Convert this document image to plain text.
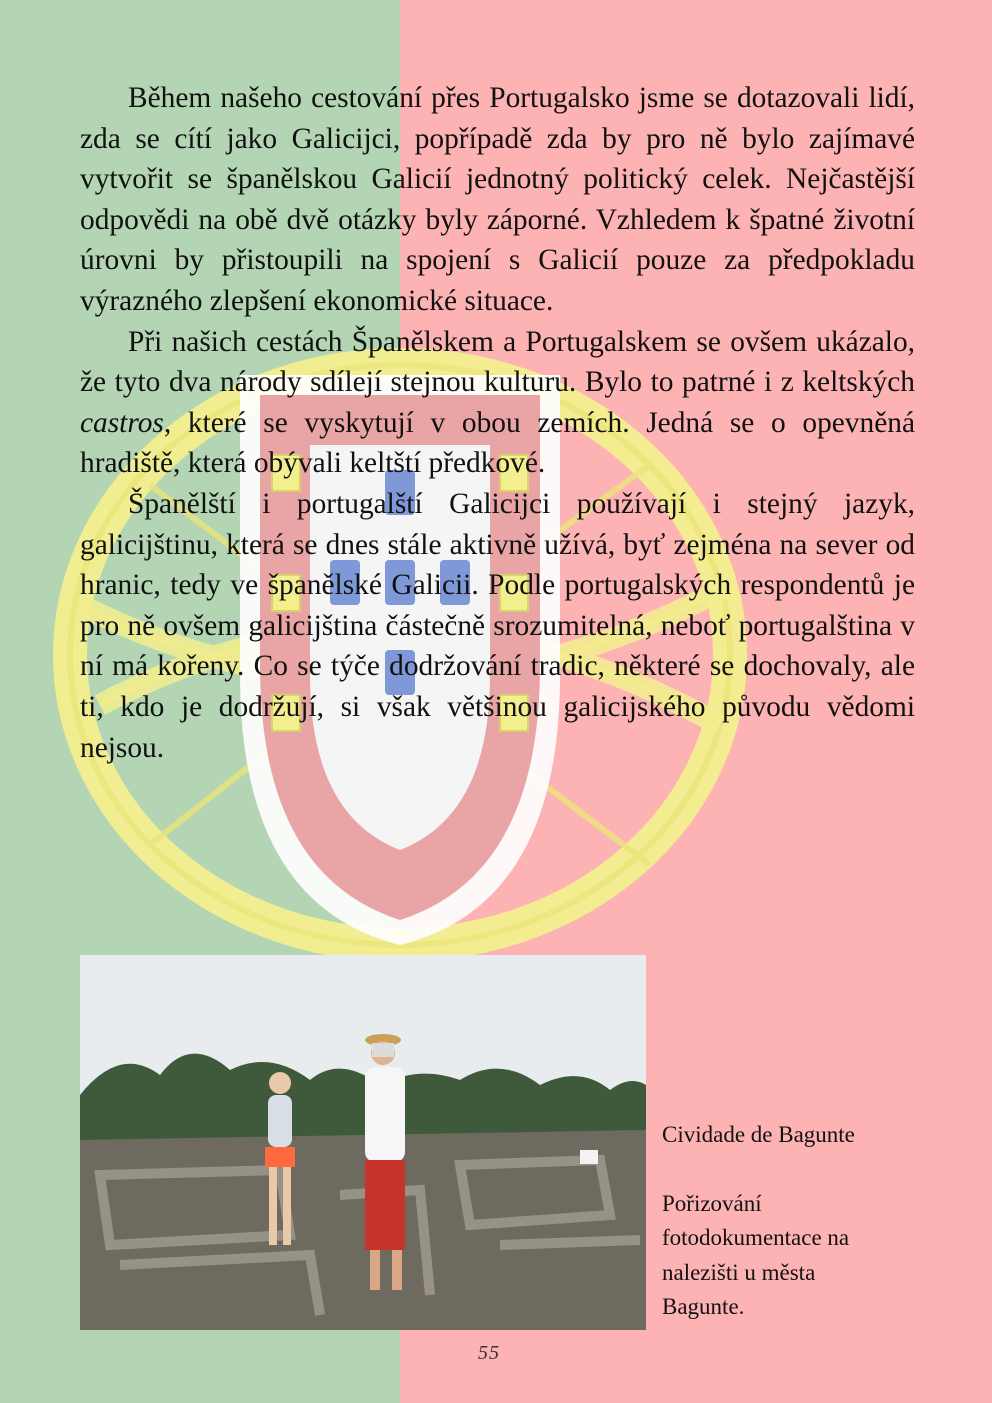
Během našeho cestování přes Portugalsko jsme se dotazovali lidí, zda se cítí jako Galicijci, popřípadě zda by pro ně bylo zajímavé vytvořit se španělskou Galicií jednotný politický celek. Nejčastější odpovědi na obě dvě otázky byly záporné. Vzhledem k špatné životní úrovni by přistoupili na spojení s Galicií pouze za předpokladu výrazného zlepšení ekonomické situace.

Při našich cestách Španělskem a Portugalskem se ovšem ukázalo, že tyto dva národy sdílejí stejnou kulturu. Bylo to patrné i z keltských castros, které se vyskytují v obou zemích. Jedná se o opevněná hradiště, která obývali keltští předkové.

Španělští i portugalští Galicijci používají i stejný jazyk, galicijštinu, která se dnes stále aktivně užívá, byť zejména na sever od hranic, tedy ve španělské Galicii. Podle portugalských respondentů je pro ně ovšem galicijština částečně srozumitelná, neboť portugalština v ní má kořeny. Co se týče dodržování tradic, některé se dochovaly, ale ti, kdo je dodržují, si však většinou galicijského původu vědomi nejsou.

Cividade de Bagunte
Pořizování
fotodokumentace na
nalezišti u města
Bagunte.
55
